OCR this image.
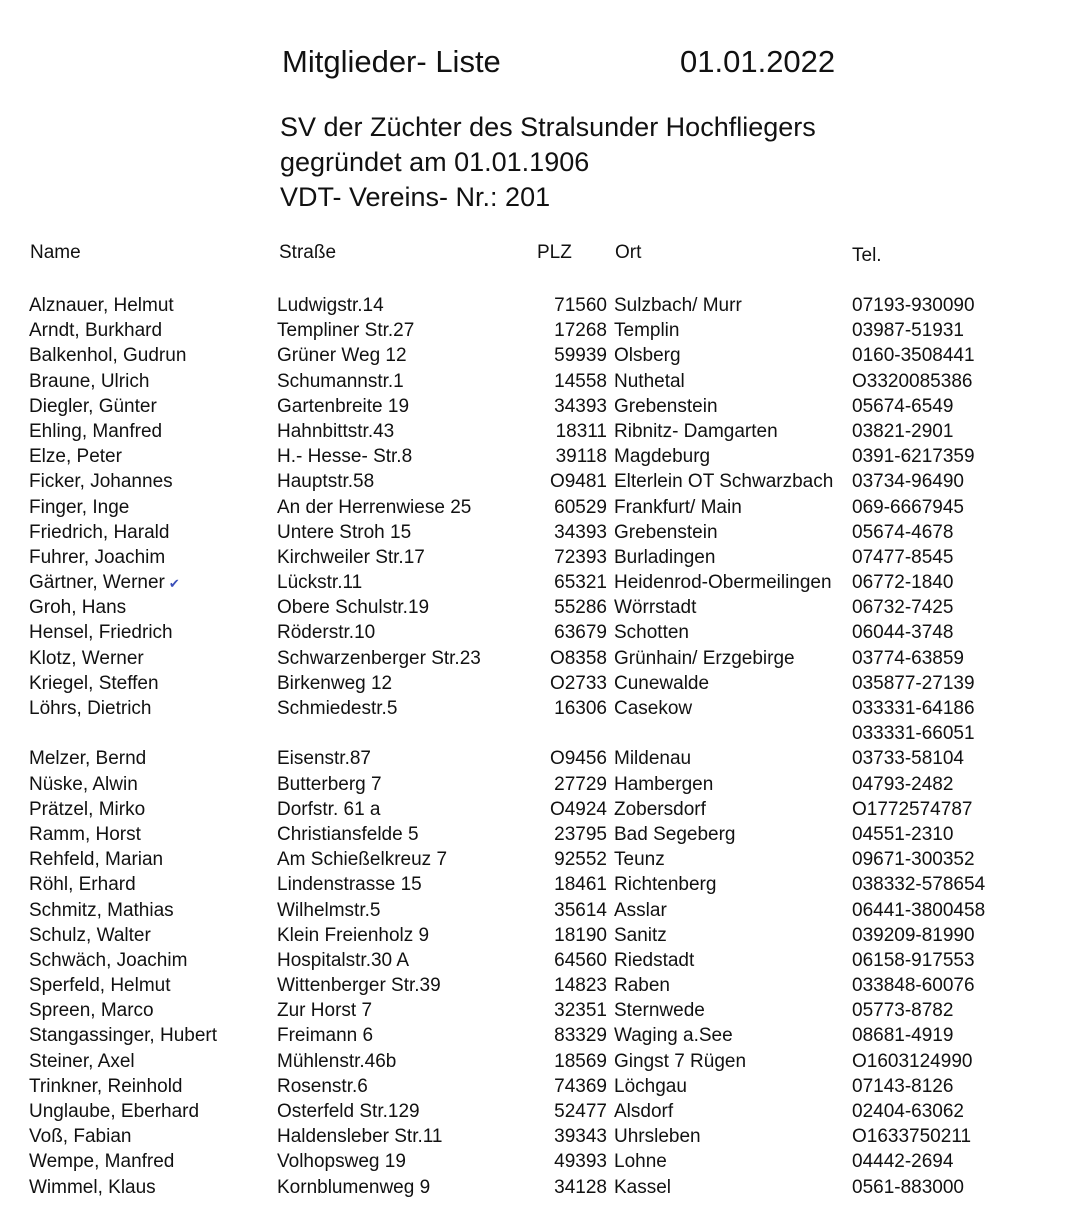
Mitglieder- Liste	01.01.2022
SV der Züchter des Stralsunder Hochfliegers
gegründet am 01.01.1906
VDT- Vereins- Nr.: 201
Name	Straße	PLZ Ort	Tel.
Alznauer, Helmut	Ludwigstr.14	71560 Sulzbach/ Murr	07193-930090
Arndt, Burkhard	Templiner Str.27	17268 Templin	03987-51931
Balkenhol, Gudrun	Grüner Weg 12	59939 Olsberg	0160-3508441
Braune, Ulrich	Schumannstr.1	14558 Nuthetal	O3320085386
Diegler, Günter	Gartenbreite 19	34393 Grebenstein	05674-6549
Ehling, Manfred	Hahnbittstr.43	18311 Ribnitz- Damgarten	03821-2901
Elze, Peter	H.- Hesse- Str.8	39118 Magdeburg	0391-6217359
Ficker, Johannes	Hauptstr.58	O9481 Elterlein OT Schwarzbach 03734-96490
Finger, Inge	An der Herrenwiese 25	60529 Frankfurt/ Main	069-6667945
Friedrich, Harald	Untere Stroh 15	34393 Grebenstein	05674-4678
Fuhrer, Joachim	Kirchweiler Str.17	72393 Burladingen	07477-8545
Gärtner, Werner ✔	Lückstr.11	65321 Heidenrod-Obermeilingen	06772-1840
Groh, Hans	Obere Schulstr.19	55286 Wörrstadt	06732-7425
Hensel, Friedrich	Röderstr.10	63679 Schotten	06044-3748
Klotz, Werner	Schwarzenberger Str.23	O8358 Grünhain/ Erzgebirge	03774-63859
Kriegel, Steffen	Birkenweg 12	O2733 Cunewalde	035877-27139
Löhrs, Dietrich	Schmiedestr.5	16306 Casekow	033331-64186
033331-66051
Melzer, Bernd	Eisenstr.87	O9456 Mildenau	03733-58104
Nüske, Alwin	Butterberg 7	27729 Hambergen	04793-2482
Prätzel, Mirko	Dorfstr. 61 a	O4924 Zobersdorf	O1772574787
Ramm, Horst	Christiansfelde 5	23795 Bad Segeberg	04551-2310
Rehfeld, Marian	Am Schießelkreuz 7	92552 Teunz	09671-300352
Röhl, Erhard	Lindenstrasse 15	18461 Richtenberg	038332-578654
Schmitz, Mathias	Wilhelmstr.5	35614 Asslar	06441-3800458
Schulz, Walter	Klein Freienholz 9	18190 Sanitz	039209-81990
Schwäch, Joachim	Hospitalstr.30 A	64560 Riedstadt	06158-917553
Sperfeld, Helmut	Wittenberger Str.39	14823 Raben	033848-60076
Spreen, Marco	Zur Horst 7	32351 Sternwede	05773-8782
Stangassinger, Hubert	Freimann 6	83329 Waging a.See	08681-4919
Steiner, Axel	Mühlenstr.46b	18569 Gingst 7 Rügen	O1603124990
Trinkner, Reinhold	Rosenstr.6	74369 Löchgau	07143-8126
Unglaube, Eberhard	Osterfeld Str.129	52477 Alsdorf	02404-63062
Voß, Fabian	Haldensleber Str.11	39343 Uhrsleben	O1633750211
Wempe, Manfred	Volhopsweg 19	49393 Lohne	04442-2694
Wimmel, Klaus	Kornblumenweg 9	34128 Kassel	0561-883000
